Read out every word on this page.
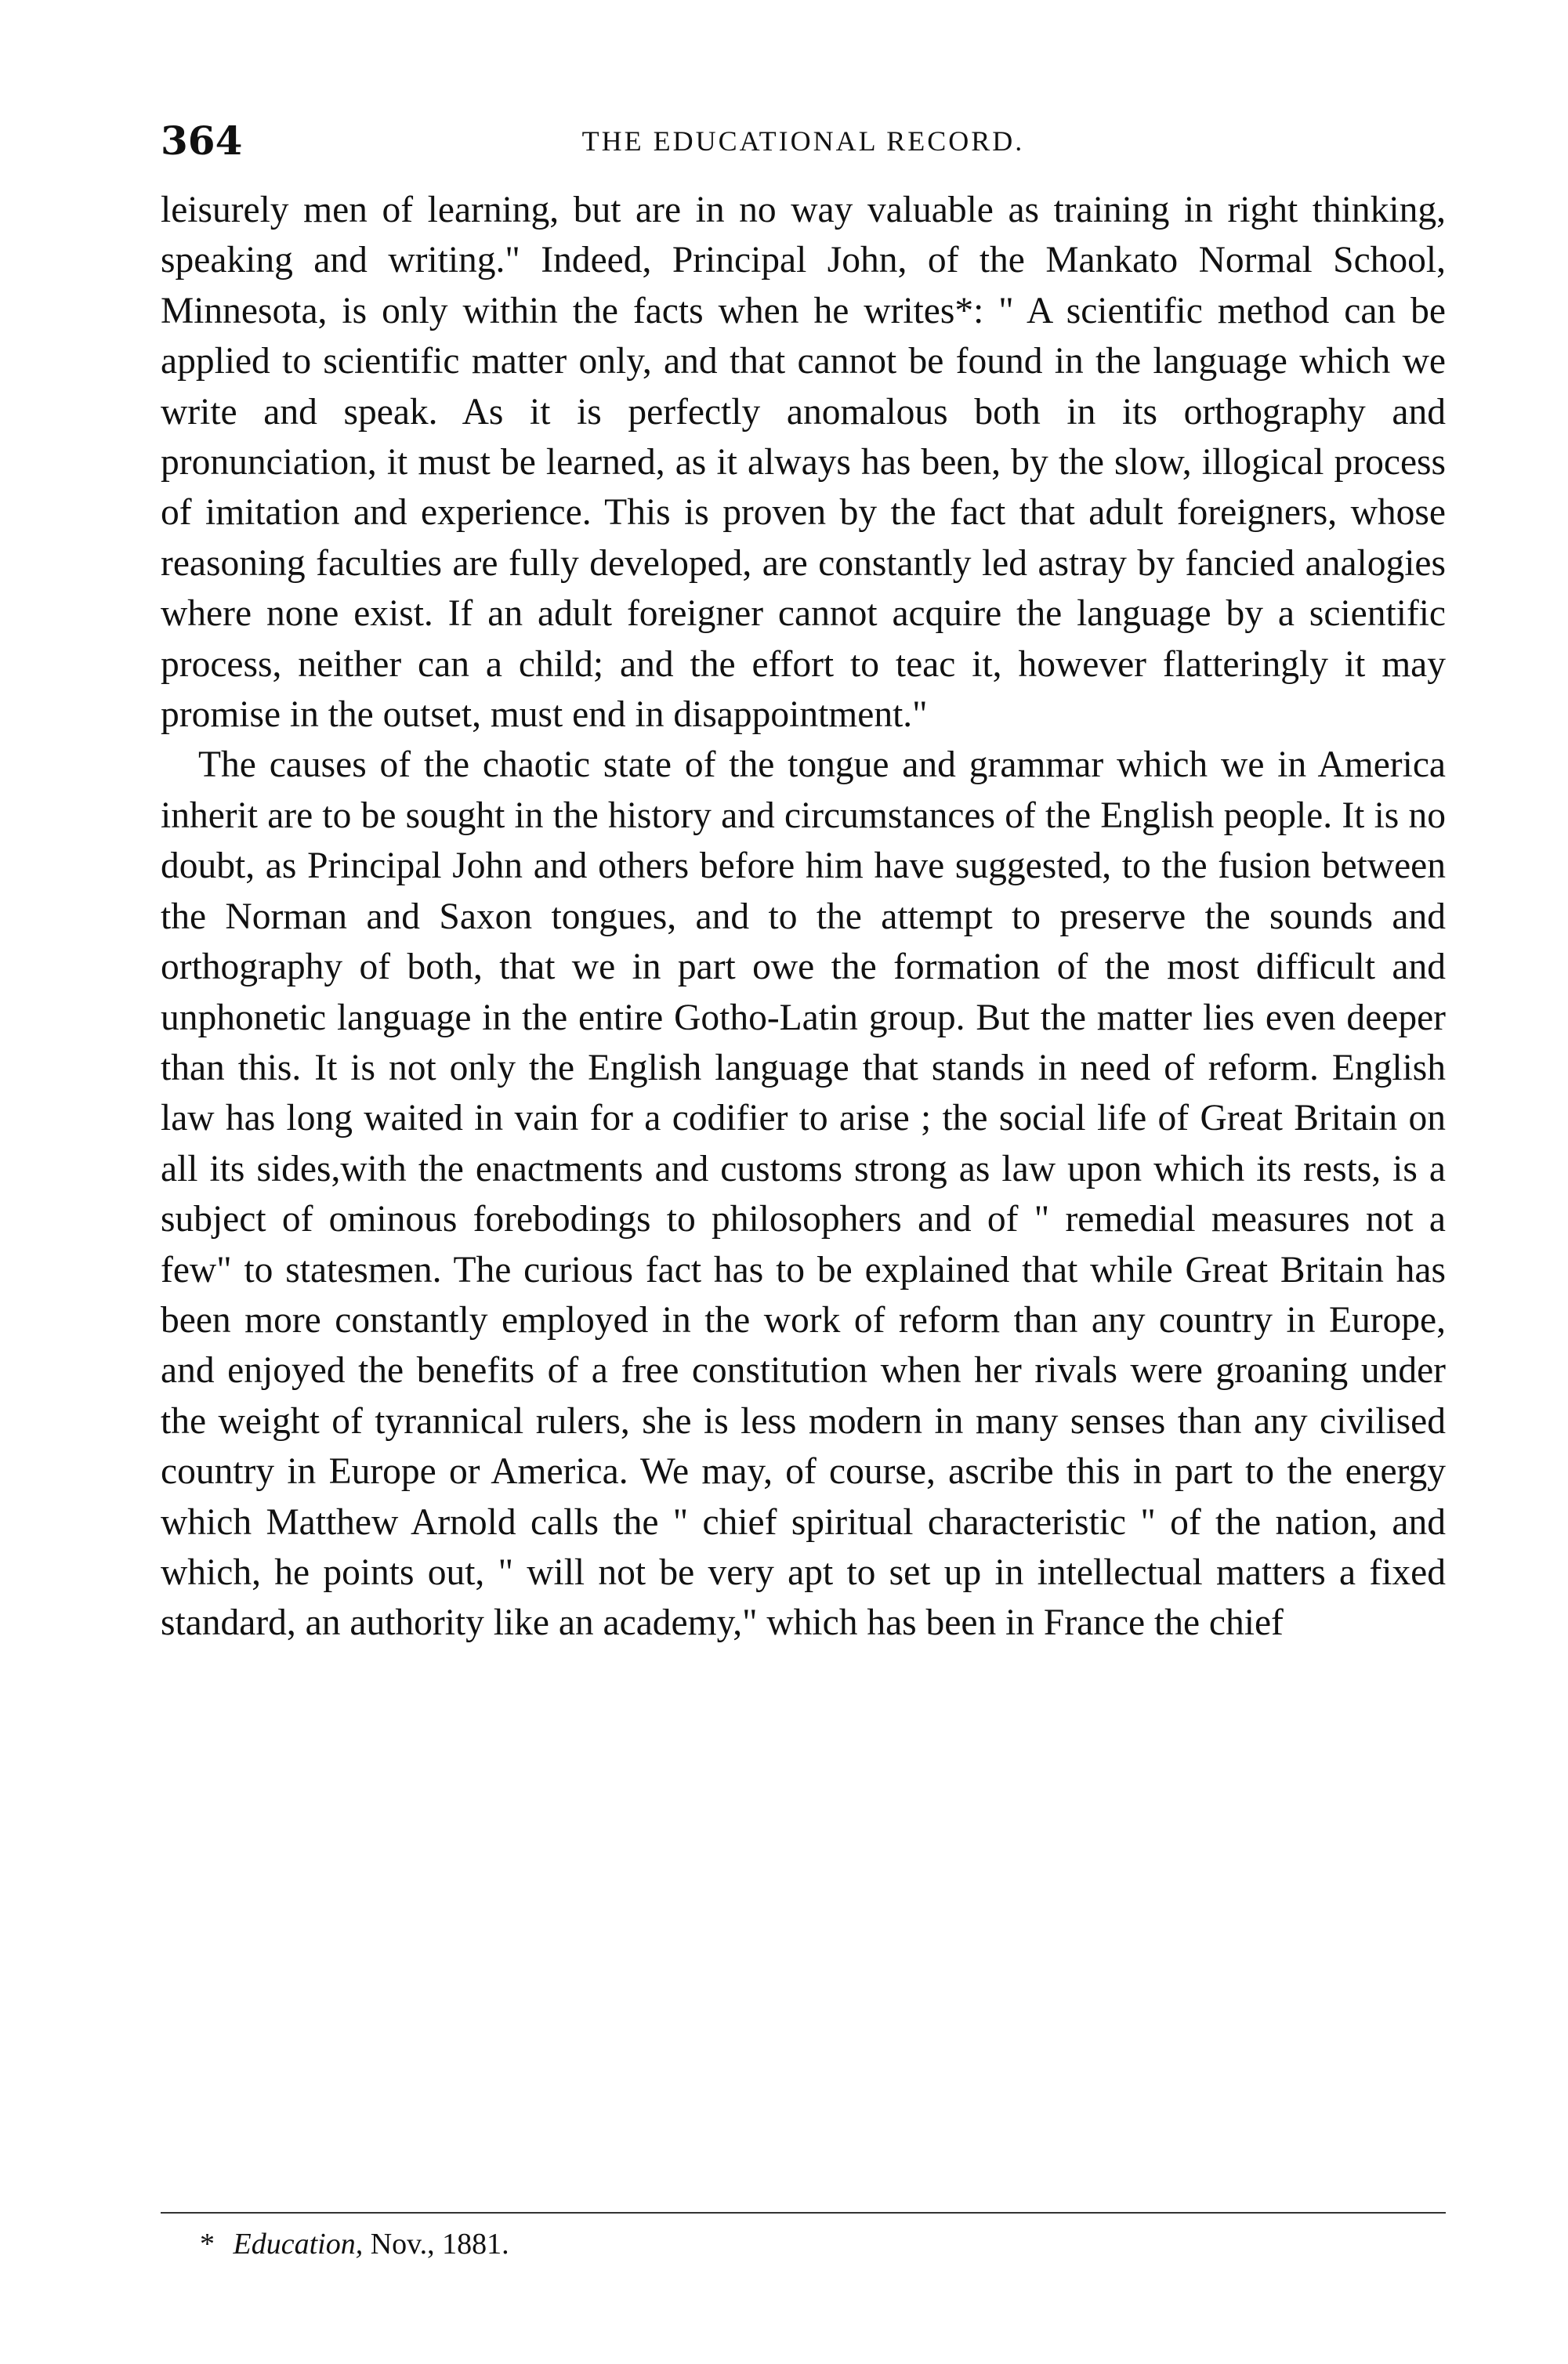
364	THE EDUCATIONAL RECORD.

leisurely men of learning, but are in no way valuable as training in right thinking, speaking and writing." Indeed, Principal John, of the Mankato Normal School, Minnesota, is only within the facts when he writes*: " A scientific method can be applied to scientific matter only, and that cannot be found in the language which we write and speak. As it is perfectly anomalous both in its orthography and pronunciation, it must be learned, as it always has been, by the slow, illogical process of imitation and experience. This is proven by the fact that adult foreigners, whose reasoning faculties are fully developed, are constantly led astray by fancied analogies where none exist. If an adult foreigner cannot acquire the language by a scientific process, neither can a child; and the effort to teac it, however flatteringly it may promise in the outset, must end in disappointment."

The causes of the chaotic state of the tongue and grammar which we in America inherit are to be sought in the history and circumstances of the English people. It is no doubt, as Principal John and others before him have suggested, to the fusion between the Norman and Saxon tongues, and to the attempt to preserve the sounds and orthography of both, that we in part owe the formation of the most difficult and unphonetic language in the entire Gotho-Latin group. But the matter lies even deeper than this. It is not only the English language that stands in need of reform. English law has long waited in vain for a codifier to arise ; the social life of Great Britain on all its sides,with the enactments and customs strong as law upon which its rests, is a subject of ominous forebodings to philosophers and of " remedial measures not a few" to statesmen. The curious fact has to be explained that while Great Britain has been more constantly employed in the work of reform than any country in Europe, and enjoyed the benefits of a free constitution when her rivals were groaning under the weight of tyrannical rulers, she is less modern in many senses than any civilised country in Europe or America. We may, of course, ascribe this in part to the energy which Matthew Arnold calls the " chief spiritual characteristic " of the nation, and which, he points out, " will not be very apt to set up in intellectual matters a fixed standard, an authority like an academy," which has been in France the chief

* Education, Nov., 1881.
